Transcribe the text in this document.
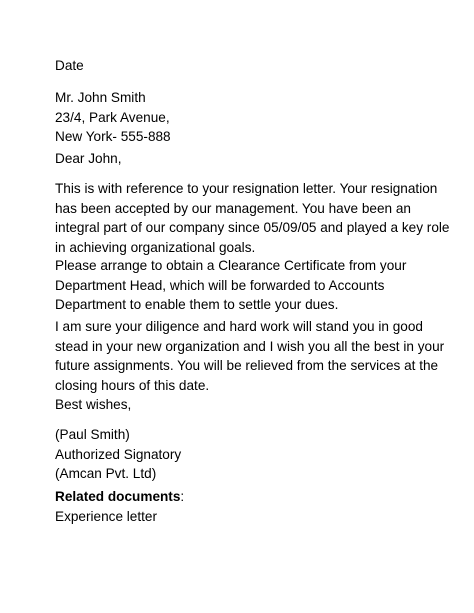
Date
Mr. John Smith
23/4, Park Avenue,
New York- 555-888
Dear John,
This is with reference to your resignation letter. Your resignation
has been accepted by our management. You have been an
integral part of our company since 05/09/05 and played a key role
in achieving organizational goals.
Please arrange to obtain a Clearance Certificate from your
Department Head, which will be forwarded to Accounts
Department to enable them to settle your dues.
I am sure your diligence and hard work will stand you in good
stead in your new organization and I wish you all the best in your
future assignments. You will be relieved from the services at the
closing hours of this date.
Best wishes,
(Paul Smith)
Authorized Signatory
(Amcan Pvt. Ltd)
Related documents:
Experience letter
